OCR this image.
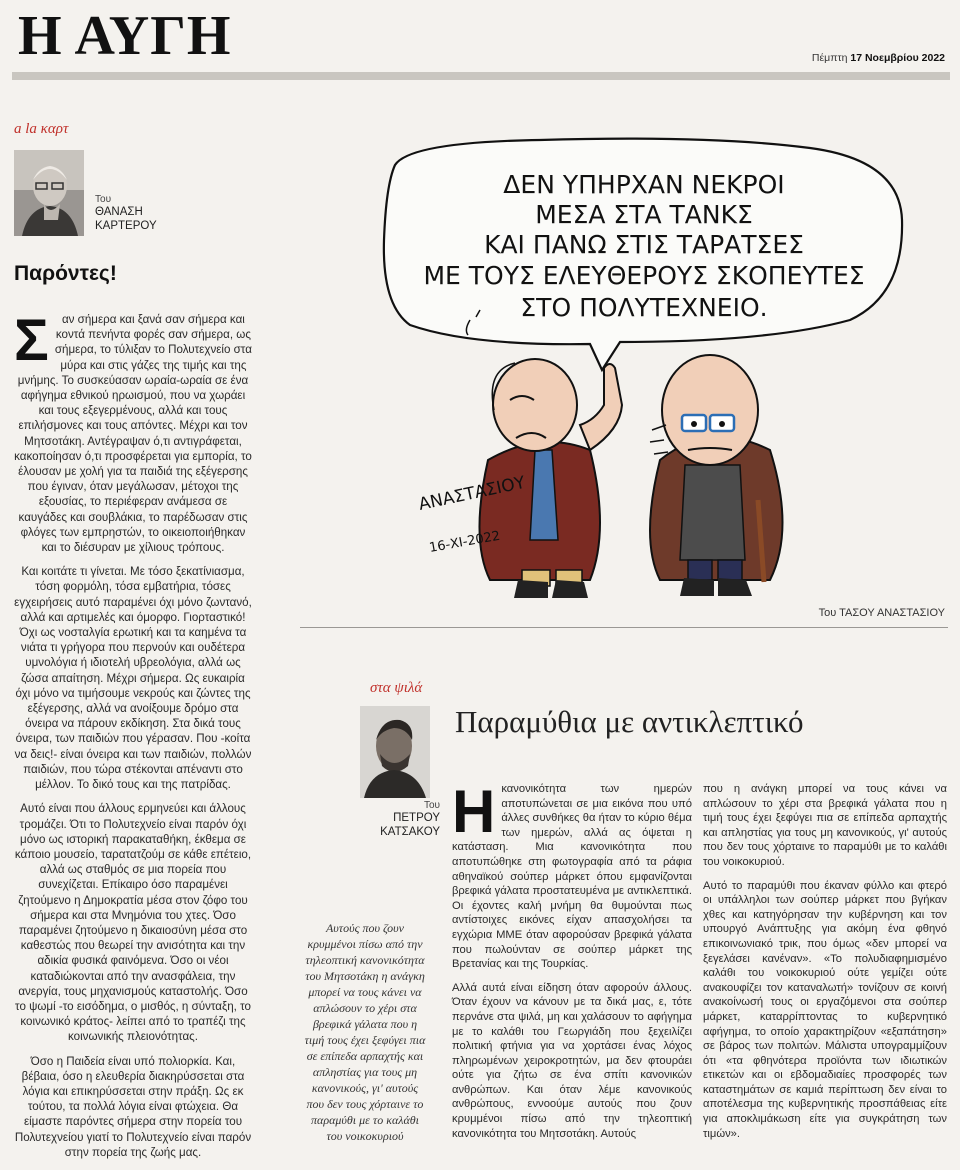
Η ΑΥΓΗ	Πέμπτη 17 Νοεμβρίου 2022
a la καρτ
Του
ΘΑΝΑΣΗ
ΚΑΡΤΕΡΟΥ
Παρόντες!

Σ αν σήμερα και ξανά σαν σήμερα και κοντά πενήντα φορές σαν σήμερα, ως σήμερα, το τύλιξαν το Πολυτεχνείο στα μύρα και στις γάζες της τιμής και της μνήμης. Το συσκεύασαν ωραία-ωραία σε ένα αφήγημα εθνικού ηρωισμού, που να χωράει και τους εξεγερμένους, αλλά και τους επιλήσμονες και τους απόντες. Μέχρι και τον Μητσοτάκη. Αντέγραψαν ό,τι αντιγράφεται, κακοποίησαν ό,τι προσφέρεται για εμπορία, το έλουσαν με χολή για τα παιδιά της εξέγερσης που έγιναν, όταν μεγάλωσαν, μέτοχοι της εξουσίας, το περιέφεραν ανάμεσα σε καυγάδες και σουβλάκια, το παρέδωσαν στις φλόγες των εμπρηστών, το οικειοποιήθηκαν και το διέσυραν με χίλιους τρόπους.

Και κοιτάτε τι γίνεται. Με τόσο ξεκατίνιασμα, τόση φορμόλη, τόσα εμβατήρια, τόσες εγχειρήσεις αυτό παραμένει όχι μόνο ζωντανό, αλλά και αρτιμελές και όμορφο. Γιορταστικό! Όχι ως νοσταλγία ερωτική και τα καημένα τα νιάτα τι γρήγορα που περνούν και ουδέτερα υμνολόγια ή ιδιοτελή υβρεολόγια, αλλά ως ζώσα απαίτηση. Μέχρι σήμερα. Ως ευκαιρία όχι μόνο να τιμήσουμε νεκρούς και ζώντες της εξέγερσης, αλλά να ανοίξουμε δρόμο στα όνειρα να πάρουν εκδίκηση. Στα δικά τους όνειρα, των παιδιών που γέρασαν. Που -κοίτα να δεις!- είναι όνειρα και των παιδιών, πολλών παιδιών, που τώρα στέκονται απέναντι στο μέλλον. Το δικό τους και της πατρίδας.

Αυτό είναι που άλλους ερμηνεύει και άλλους τρομάζει. Ότι το Πολυτεχνείο είναι παρόν όχι μόνο ως ιστορική παρακαταθήκη, έκθεμα σε κάποιο μουσείο, ταρατατζούμ σε κάθε επέτειο, αλλά ως σταθμός σε μια πορεία που συνεχίζεται. Επίκαιρο όσο παραμένει ζητούμενο η Δημοκρατία μέσα στον ζόφο του σήμερα και στα Μνημόνια του χτες. Όσο παραμένει ζητούμενο η δικαιοσύνη μέσα στο καθεστώς που θεωρεί την ανισότητα και την αδικία φυσικά φαινόμενα. Όσο οι νέοι καταδιώκονται από την ανασφάλεια, την ανεργία, τους μηχανισμούς καταστολής. Όσο το ψωμί -το εισόδημα, ο μισθός, η σύνταξη, το κοινωνικό κράτος- λείπει από το τραπέζι της κοινωνικής πλειονότητας.

Όσο η Παιδεία είναι υπό πολιορκία. Και, βέβαια, όσο η ελευθερία διακηρύσσεται στα λόγια και επικηρύσσεται στην πράξη. Ως εκ τούτου, τα πολλά λόγια είναι φτώχεια. Θα είμαστε παρόντες σήμερα στην πορεία του Πολυτεχνείου γιατί το Πολυτεχνείο είναι παρόν στην πορεία της ζωής μας.

ΔΕΝ ΥΠΗΡΧΑΝ ΝΕΚΡΟΙ
ΜΕΣΑ ΣΤΑ ΤΑΝΚΣ
ΚΑΙ ΠΑΝΩ ΣΤΙΣ ΤΑΡΑΤΣΕΣ
ΜΕ ΤΟΥΣ ΕΛΕΥΘΕΡΟΥΣ ΣΚΟΠΕΥΤΕΣ
ΣΤΟ ΠΟΛΥΤΕΧΝΕΙΟ.
ΑΝΑΣΤΑΣΙΟΥ
16-ΧΙ-2022
Του ΤΑΣΟΥ ΑΝΑΣΤΑΣΙΟΥ
στα ψιλά
Του
ΠΕΤΡΟΥ
ΚΑΤΣΑΚΟΥ
Παραμύθια με αντικλεπτικό
Αυτούς που ζουν
κρυμμένοι πίσω από την
τηλεοπτική κανονικότητα
του Μητσοτάκη η ανάγκη
μπορεί να τους κάνει να
απλώσουν το χέρι στα
βρεφικά γάλατα που η
τιμή τους έχει ξεφύγει πια
σε επίπεδα αρπαχτής και
απληστίας για τους μη
κανονικούς, γι' αυτούς
που δεν τους χόρταινε το
παραμύθι με το καλάθι
του νοικοκυριού

Ηκανονικότητα των ημερών αποτυπώνεται σε μια εικόνα που υπό άλλες συνθήκες θα ήταν το κύριο θέμα των ημερών, αλλά ας όψεται η κατάσταση. Μια κανονικότητα που αποτυπώθηκε στη φωτογραφία από τα ράφια αθηναϊκού σούπερ μάρκετ όπου εμφανίζονται βρεφικά γάλατα προστατευμένα με αντικλεπτικά. Οι έχοντες καλή μνήμη θα θυμούνται πως αντίστοιχες εικόνες είχαν απασχολήσει τα εγχώρια ΜΜΕ όταν αφορούσαν βρεφικά γάλατα που πωλούνταν σε σούπερ μάρκετ της Βρετανίας και της Τουρκίας.

Αλλά αυτά είναι είδηση όταν αφορούν άλλους. Όταν έχουν να κάνουν με τα δικά μας, ε, τότε περνάνε στα ψιλά, μη και χαλάσουν το αφήγημα με το καλάθι του Γεωργιάδη που ξεχειλίζει πολιτική φτήνια για να χορτάσει ένας λόχος πληρωμένων χειροκροτητών, μα δεν φτουράει ούτε για ζήτω σε ένα σπίτι κανονικών ανθρώπων. Και όταν λέμε κανονικούς ανθρώπους, εννοούμε αυτούς που ζουν κρυμμένοι πίσω από την τηλεοπτική κανονικότητα του Μητσοτάκη. Αυτούς

που η ανάγκη μπορεί να τους κάνει να απλώσουν το χέρι στα βρεφικά γάλατα που η τιμή τους έχει ξεφύγει πια σε επίπεδα αρπαχτής και απληστίας για τους μη κανονικούς, γι' αυτούς που δεν τους χόρταινε το παραμύθι με το καλάθι του νοικοκυριού.

Αυτό το παραμύθι που έκαναν φύλλο και φτερό οι υπάλληλοι των σούπερ μάρκετ που βγήκαν χθες και κατηγόρησαν την κυβέρνηση και τον υπουργό Ανάπτυξης για ακόμη ένα φθηνό επικοινωνιακό τρικ, που όμως «δεν μπορεί να ξεγελάσει κανέναν». «Το πολυδιαφημισμένο καλάθι του νοικοκυριού ούτε γεμίζει ούτε ανακουφίζει τον καταναλωτή» τονίζουν σε κοινή ανακοίνωσή τους οι εργαζόμενοι στα σούπερ μάρκετ, καταρρίπτοντας το κυβερνητικό αφήγημα, το οποίο χαρακτηρίζουν «εξαπάτηση» σε βάρος των πολιτών. Μάλιστα υπογραμμίζουν ότι «τα φθηνότερα προϊόντα των ιδιωτικών ετικετών και οι εβδομαδιαίες προσφορές των καταστημάτων σε καμιά περίπτωση δεν είναι το αποτέλεσμα της κυβερνητικής προσπάθειας είτε για αποκλιμάκωση είτε για συγκράτηση των τιμών».
